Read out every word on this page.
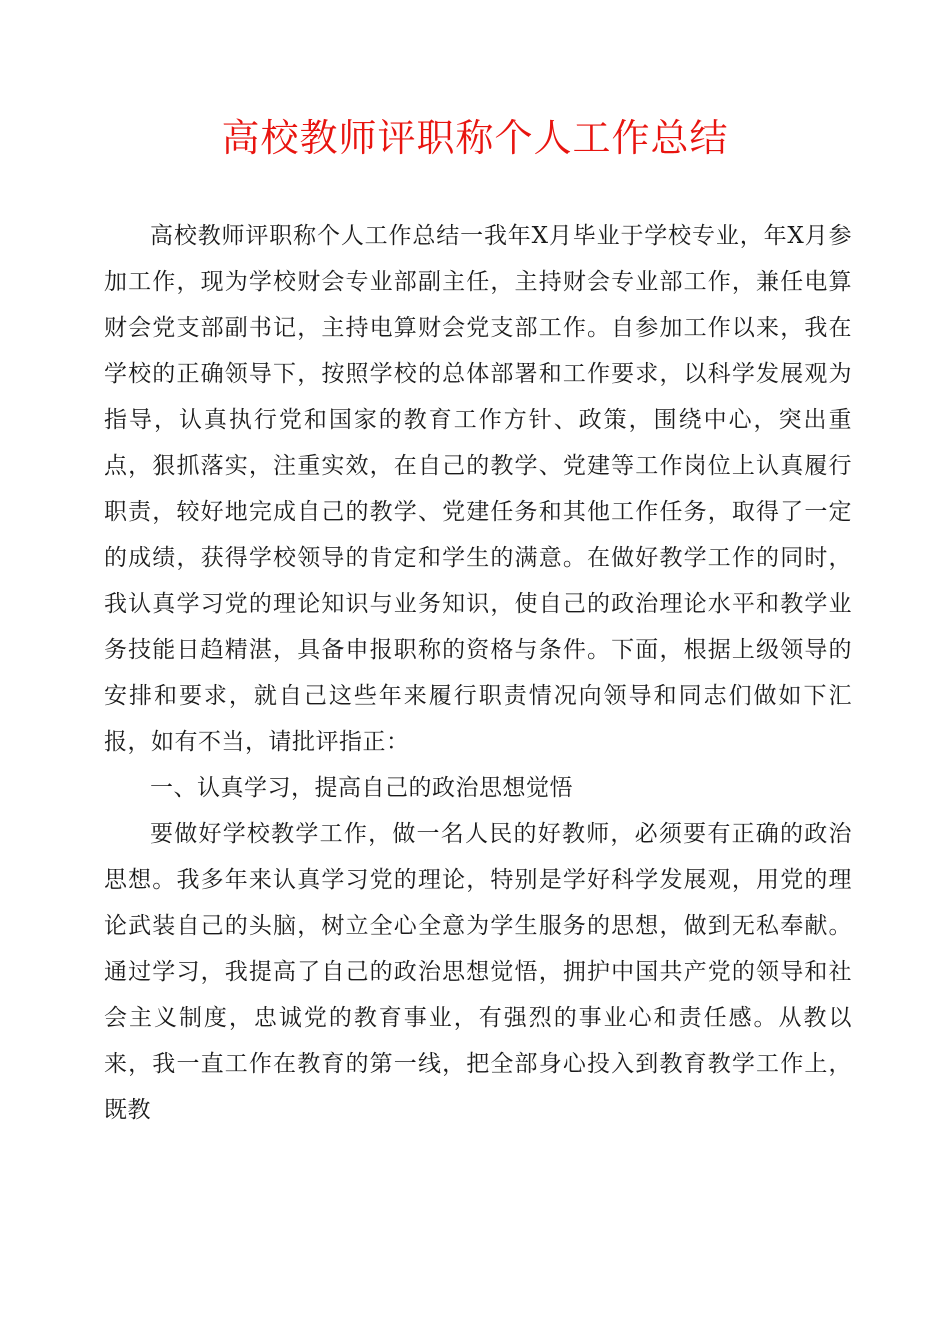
高校教师评职称个人工作总结

高校教师评职称个人工作总结一我年X月毕业于学校专业，年X月参加工作，现为学校财会专业部副主任，主持财会专业部工作，兼任电算财会党支部副书记，主持电算财会党支部工作。自参加工作以来，我在学校的正确领导下，按照学校的总体部署和工作要求，以科学发展观为指导，认真执行党和国家的教育工作方针、政策，围绕中心，突出重点，狠抓落实，注重实效，在自己的教学、党建等工作岗位上认真履行职责，较好地完成自己的教学、党建任务和其他工作任务，取得了一定的成绩，获得学校领导的肯定和学生的满意。在做好教学工作的同时，我认真学习党的理论知识与业务知识，使自己的政治理论水平和教学业务技能日趋精湛，具备申报职称的资格与条件。下面，根据上级领导的安排和要求，就自己这些年来履行职责情况向领导和同志们做如下汇报，如有不当，请批评指正：

一、认真学习，提高自己的政治思想觉悟

要做好学校教学工作，做一名人民的好教师，必须要有正确的政治思想。我多年来认真学习党的理论，特别是学好科学发展观，用党的理论武装自己的头脑，树立全心全意为学生服务的思想，做到无私奉献。通过学习，我提高了自己的政治思想觉悟，拥护中国共产党的领导和社会主义制度，忠诚党的教育事业，有强烈的事业心和责任感。从教以来，我一直工作在教育的第一线，把全部身心投入到教育教学工作上，既教
